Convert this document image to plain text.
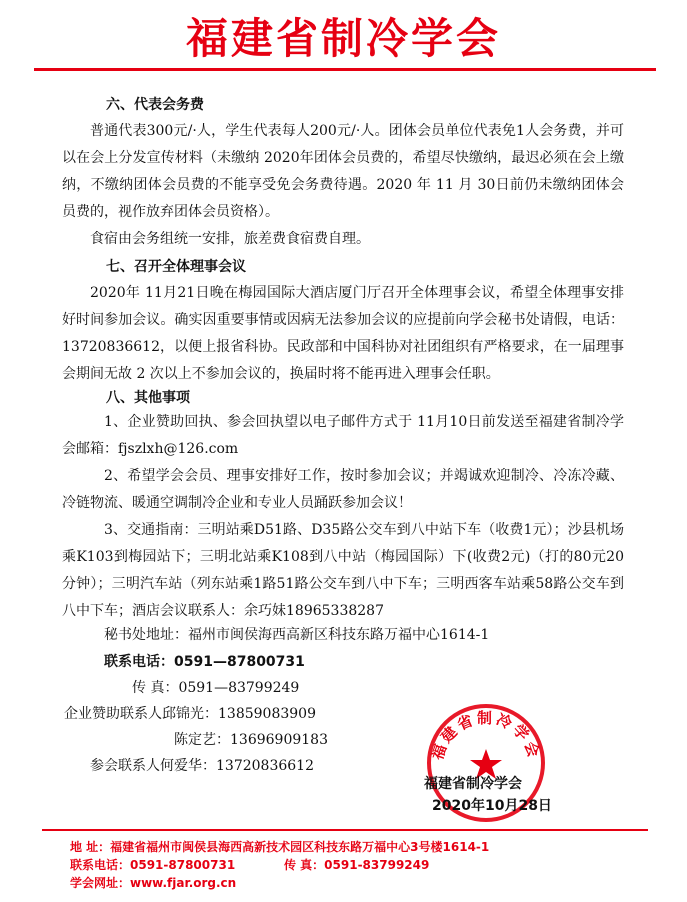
福建省制冷学会
六、代表会务费
普通代表300元/·人，学生代表每人200元/·人。团体会员单位代表免1人会务费，并可以在会上分发宣传材料（未缴纳 2020年团体会员费的，希望尽快缴纳，最迟必须在会上缴纳，不缴纳团体会员费的不能享受免会务费待遇。2020 年 11 月 30日前仍未缴纳团体会员费的，视作放弃团体会员资格）。
食宿由会务组统一安排，旅差费食宿费自理。
七、召开全体理事会议
2020年 11月21日晚在梅园国际大酒店厦门厅召开全体理事会议，希望全体理事安排好时间参加会议。确实因重要事情或因病无法参加会议的应提前向学会秘书处请假，电话：13720836612，以便上报省科协。民政部和中国科协对社团组织有严格要求，在一届理事会期间无故 2 次以上不参加会议的，换届时将不能再进入理事会任职。
八、其他事项
1、企业赞助回执、参会回执望以电子邮件方式于 11月10日前发送至福建省制冷学会邮箱：fjszlxh@126.com
2、希望学会会员、理事安排好工作，按时参加会议；并竭诚欢迎制冷、冷冻冷藏、冷链物流、暖通空调制冷企业和专业人员踊跃参加会议！
3、交通指南：三明站乘D51路、D35路公交车到八中站下车（收费1元）；沙县机场乘K103到梅园站下；三明北站乘K108到八中站（梅园国际）下(收费2元)（打的80元20分钟）；三明汽车站（列东站乘1路51路公交车到八中下车；三明西客车站乘58路公交车到八中下车；酒店会议联系人：余巧妹18965338287
秘书处地址：福州市闽侯海西高新区科技东路万福中心1614-1
联系电话：0591—87800731
传 真：0591—83799249
企业赞助联系人邱锦光：13859083909
陈定艺：13696909183
参会联系人何爱华：13720836612
福建省制冷学会
福建省制冷学会
2020年10月28日
地 址：福建省福州市闽侯县海西高新技术园区科技东路万福中心3号楼1614-1
联系电话：0591-87800731	传 真：0591-83799249
学会网址：www.fjar.org.cn
